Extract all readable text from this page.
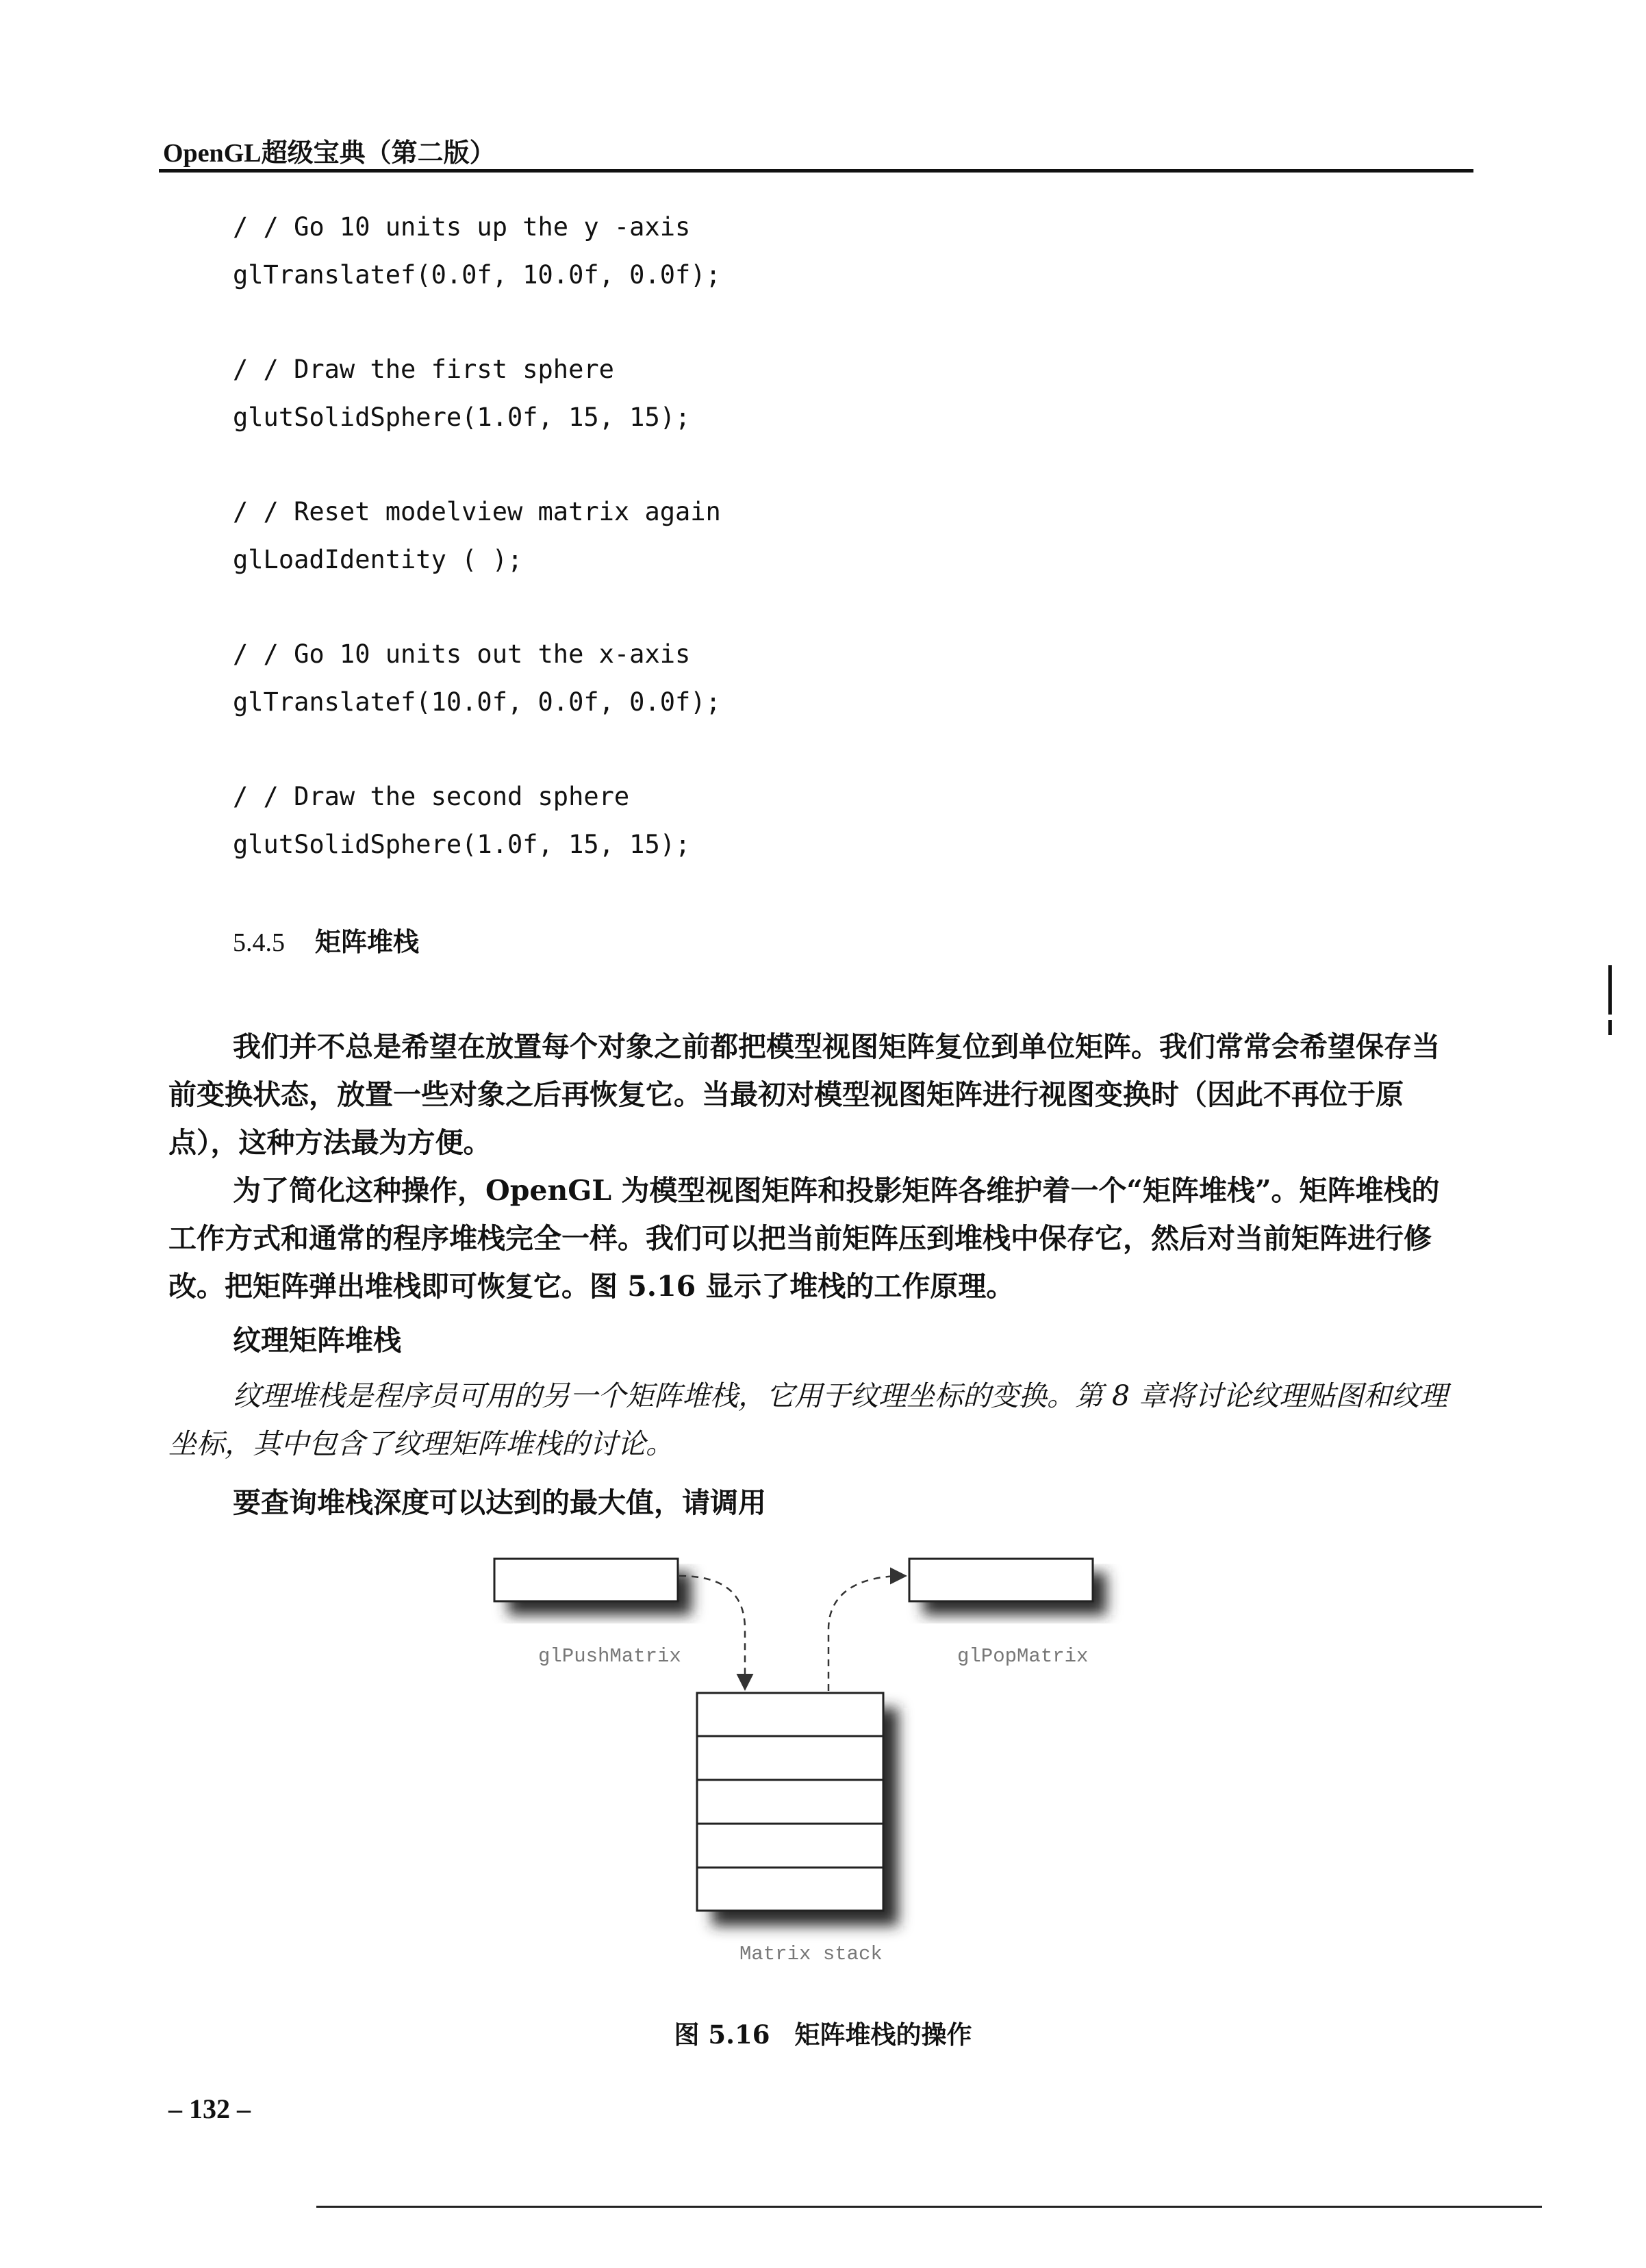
OpenGL超级宝典（第二版）
/ / Go 10 units up the y -axis
glTranslatef(0.0f, 10.0f, 0.0f);
/ / Draw the first sphere
glutSolidSphere(1.0f, 15, 15);
/ / Reset modelview matrix again
glLoadIdentity ( );
/ / Go 10 units out the x-axis
glTranslatef(10.0f, 0.0f, 0.0f);
/ / Draw the second sphere
glutSolidSphere(1.0f, 15, 15);
5.4.5 矩阵堆栈
我们并不总是希望在放置每个对象之前都把模型视图矩阵复位到单位矩阵。我们常常会希望保存当前变换状态，放置一些对象之后再恢复它。当最初对模型视图矩阵进行视图变换时（因此不再位于原点），这种方法最为方便。
为了简化这种操作，OpenGL 为模型视图矩阵和投影矩阵各维护着一个“矩阵堆栈”。矩阵堆栈的工作方式和通常的程序堆栈完全一样。我们可以把当前矩阵压到堆栈中保存它，然后对当前矩阵进行修改。把矩阵弹出堆栈即可恢复它。图 5.16 显示了堆栈的工作原理。
纹理矩阵堆栈
纹理堆栈是程序员可用的另一个矩阵堆栈，它用于纹理坐标的变换。第 8 章将讨论纹理贴图和纹理坐标，其中包含了纹理矩阵堆栈的讨论。
要查询堆栈深度可以达到的最大值，请调用
glPushMatrix	glPopMatrix
Matrix stack
图 5.16 矩阵堆栈的操作
– 132 –
